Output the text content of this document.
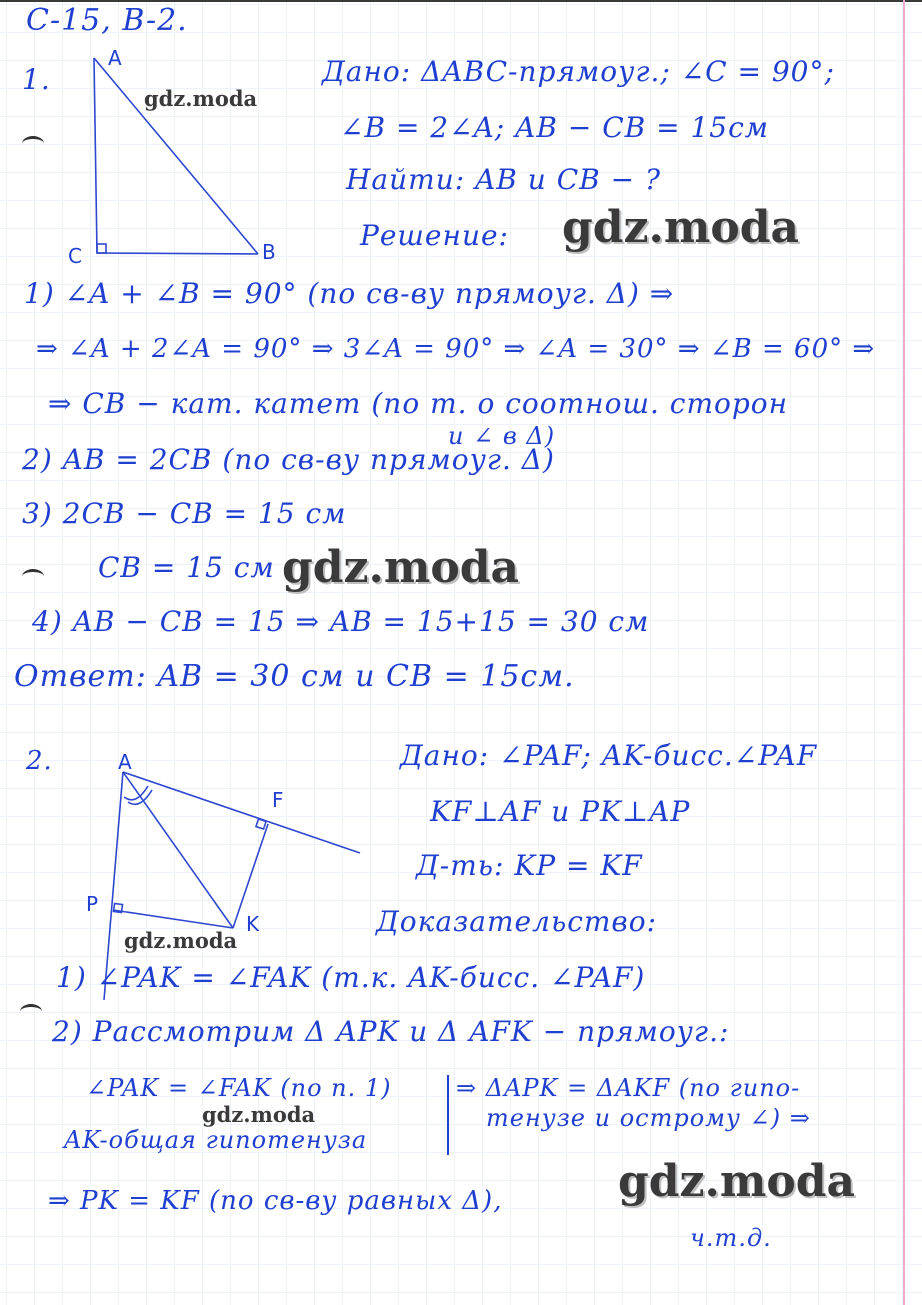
C-15, B-2.
1.
A
C	B
Дано: ΔABC-прямоуг.; ∠C = 90°;
∠B = 2∠A; AB − CB = 15см
Найти: AB и CB − ?
Решение:
1) ∠A + ∠B = 90° (по св-ву прямоуг. Δ) ⇒
⇒ ∠A + 2∠A = 90° ⇒ 3∠A = 90° ⇒ ∠A = 30° ⇒ ∠B = 60° ⇒
⇒ CB − кат. катет (по т. о соотнош. сторон
и ∠ в Δ)
2) AB = 2CB (по св-ву прямоуг. Δ)
3) 2CB − CB = 15 см
CB = 15 см
4) AB − CB = 15 ⇒ AB = 15+15 = 30 см
Ответ: AB = 30 см и CB = 15см.
2.	A
F
P
K
Дано: ∠PAF; AK-бисс.∠PAF
KF⊥AF и PK⊥AP
Д-ть: KP = KF
Доказательство:
1) ∠PAK = ∠FAK (т.к. AK-бисс. ∠PAF)
2) Рассмотрим Δ APK и Δ AFK − прямоуг.:
∠PAK = ∠FAK (по п. 1)
AK-общая гипотенуза
⇒ ΔAPK = ΔAKF (по гипо-
тенузе и острому ∠) ⇒
⇒ PK = KF (по св-ву равных Δ),
ч.т.д.
gdz.moda
gdz.moda
gdz.moda
gdz.moda
gdz.moda
gdz.moda
